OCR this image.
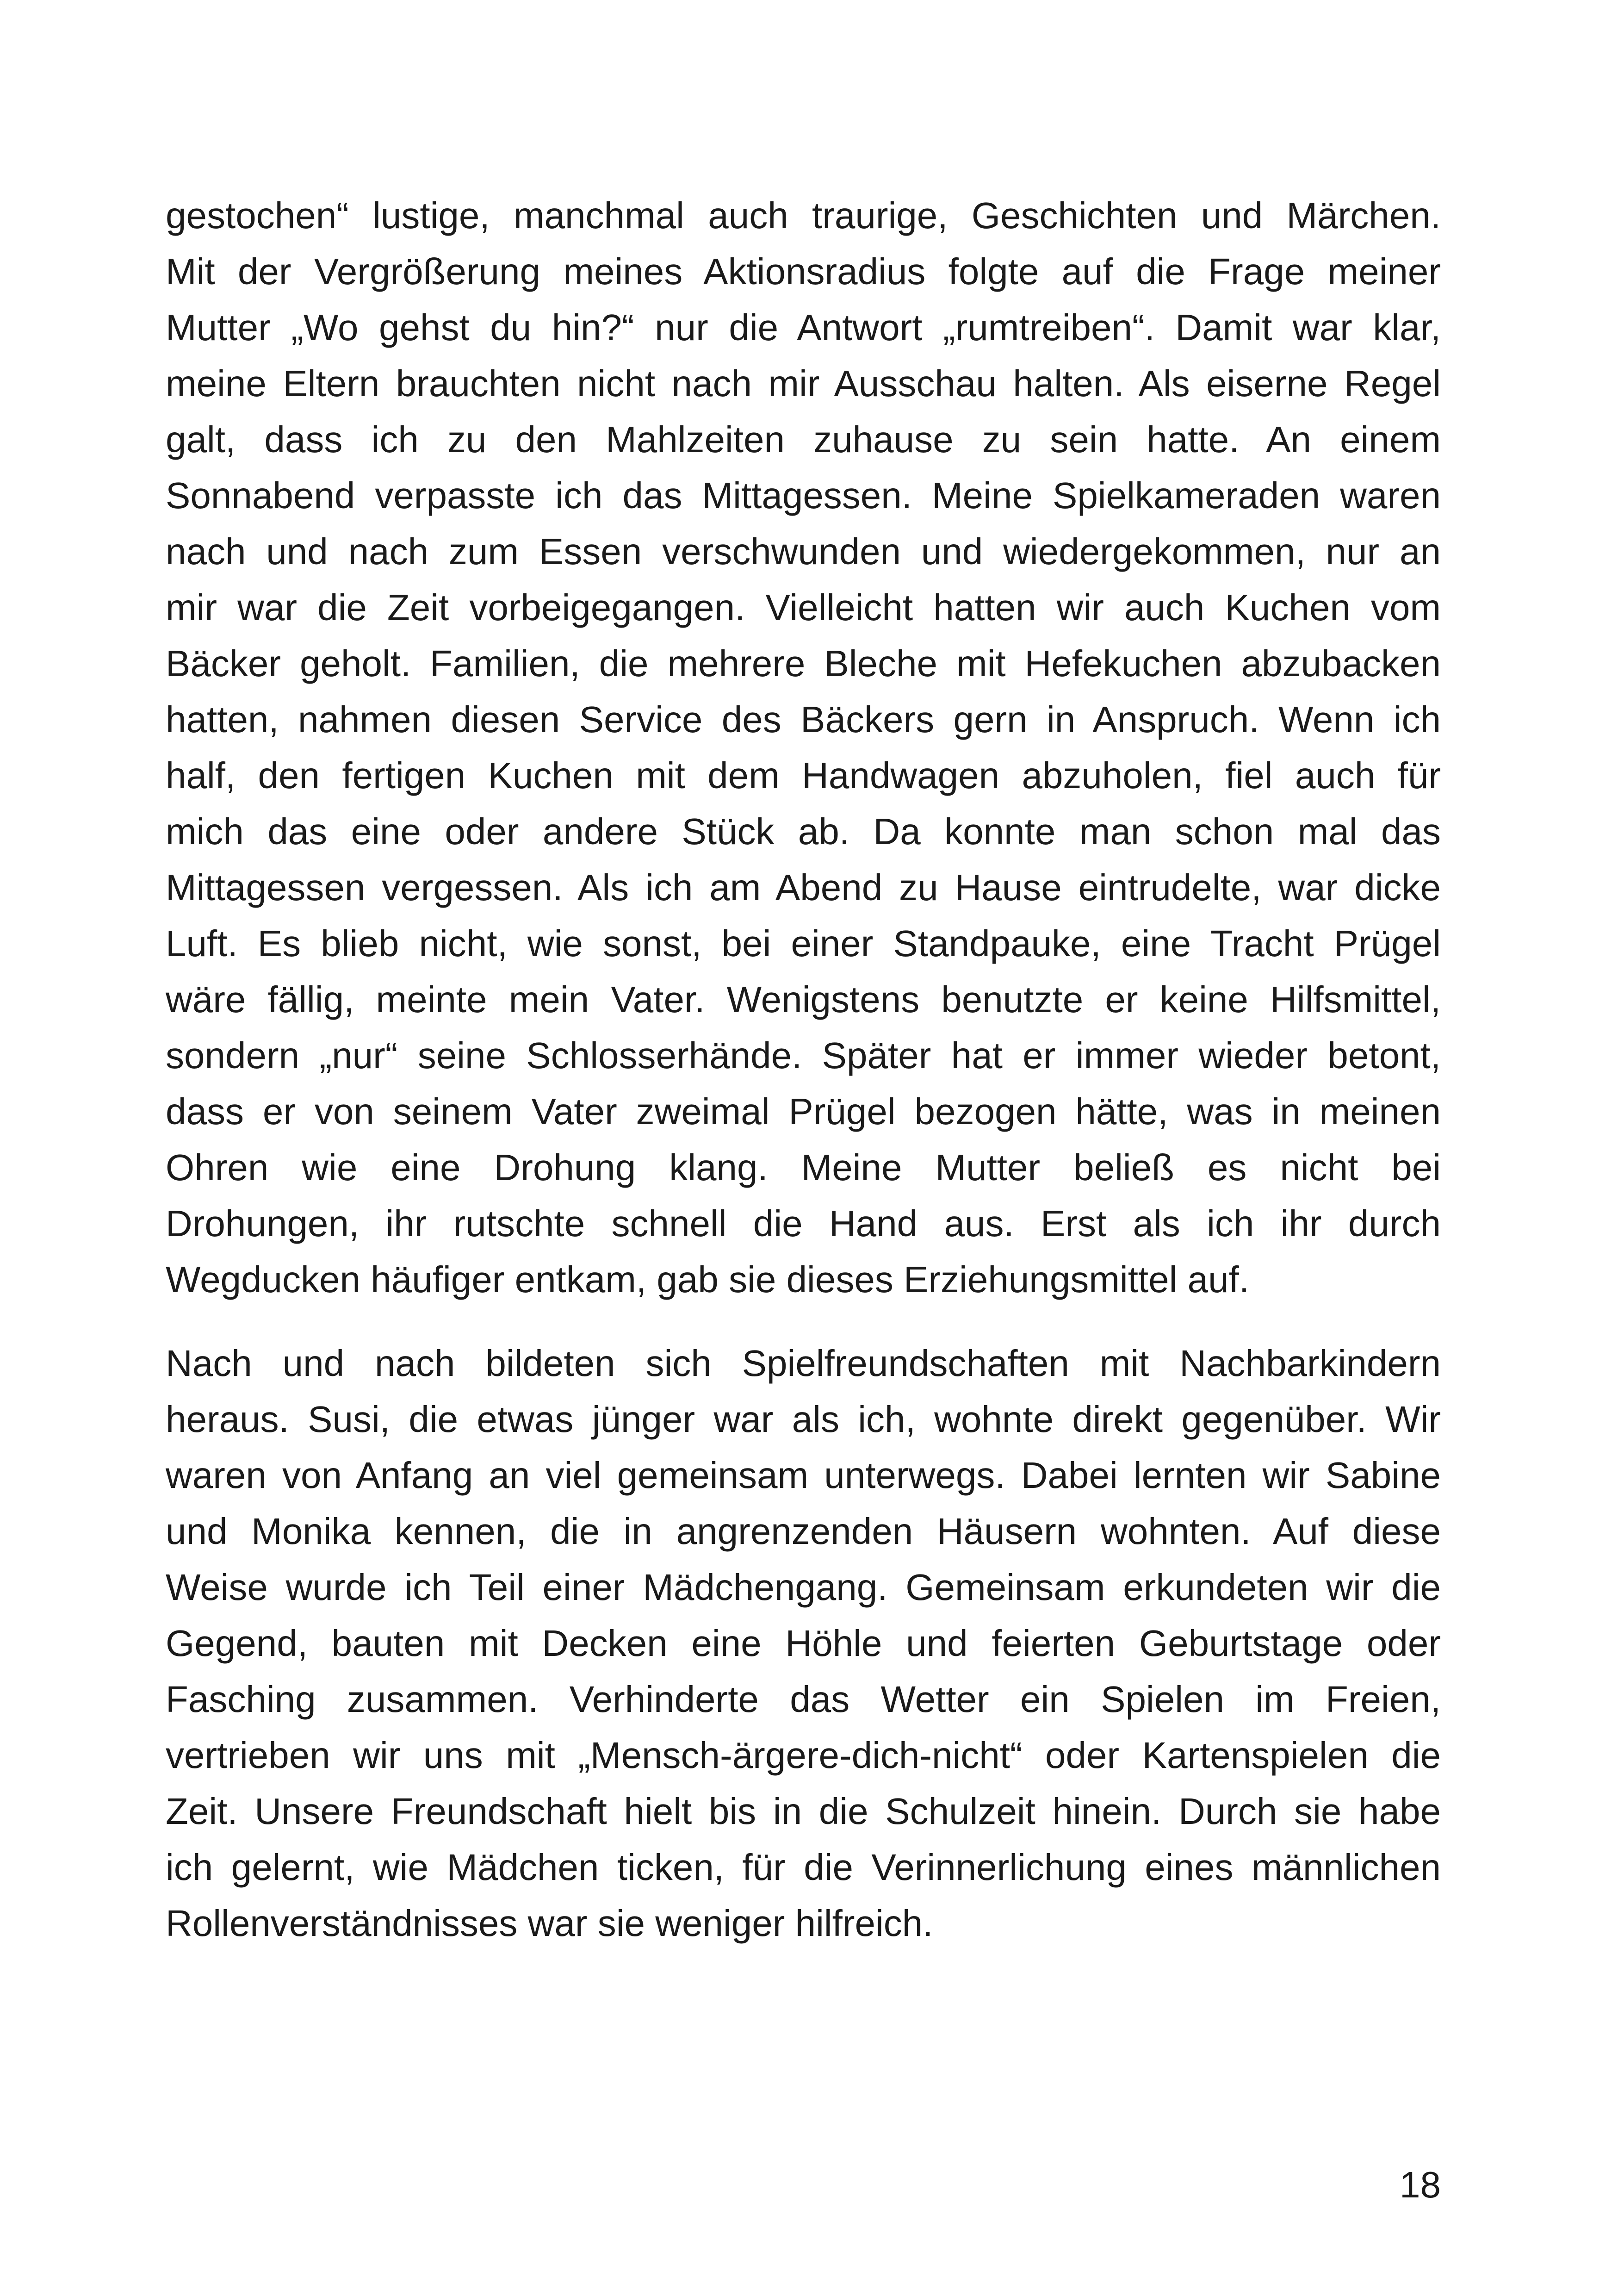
gestochen“ lustige, manchmal auch traurige, Geschichten und Märchen.
Mit der Vergrößerung meines Aktionsradius folgte auf die Frage meiner
Mutter „Wo gehst du hin?“ nur die Antwort „rumtreiben“. Damit war klar,
meine Eltern brauchten nicht nach mir Ausschau halten. Als eiserne Regel
galt, dass ich zu den Mahlzeiten zuhause zu sein hatte. An einem
Sonnabend verpasste ich das Mittagessen. Meine Spielkameraden waren
nach und nach zum Essen verschwunden und wiedergekommen, nur an
mir war die Zeit vorbeigegangen. Vielleicht hatten wir auch Kuchen vom
Bäcker geholt. Familien, die mehrere Bleche mit Hefekuchen abzubacken
hatten, nahmen diesen Service des Bäckers gern in Anspruch. Wenn ich
half, den fertigen Kuchen mit dem Handwagen abzuholen, fiel auch für
mich das eine oder andere Stück ab. Da konnte man schon mal das
Mittagessen vergessen. Als ich am Abend zu Hause eintrudelte, war dicke
Luft. Es blieb nicht, wie sonst, bei einer Standpauke, eine Tracht Prügel
wäre fällig, meinte mein Vater. Wenigstens benutzte er keine Hilfsmittel,
sondern „nur“ seine Schlosserhände. Später hat er immer wieder betont,
dass er von seinem Vater zweimal Prügel bezogen hätte, was in meinen
Ohren wie eine Drohung klang. Meine Mutter beließ es nicht bei
Drohungen, ihr rutschte schnell die Hand aus. Erst als ich ihr durch
Wegducken häufiger entkam, gab sie dieses Erziehungsmittel auf.
Nach und nach bildeten sich Spielfreundschaften mit Nachbarkindern
heraus. Susi, die etwas jünger war als ich, wohnte direkt gegenüber. Wir
waren von Anfang an viel gemeinsam unterwegs. Dabei lernten wir Sabine
und Monika kennen, die in angrenzenden Häusern wohnten. Auf diese
Weise wurde ich Teil einer Mädchengang. Gemeinsam erkundeten wir die
Gegend, bauten mit Decken eine Höhle und feierten Geburtstage oder
Fasching zusammen. Verhinderte das Wetter ein Spielen im Freien,
vertrieben wir uns mit „Mensch-ärgere-dich-nicht“ oder Kartenspielen die
Zeit. Unsere Freundschaft hielt bis in die Schulzeit hinein. Durch sie habe
ich gelernt, wie Mädchen ticken, für die Verinnerlichung eines männlichen
Rollenverständnisses war sie weniger hilfreich.
18
